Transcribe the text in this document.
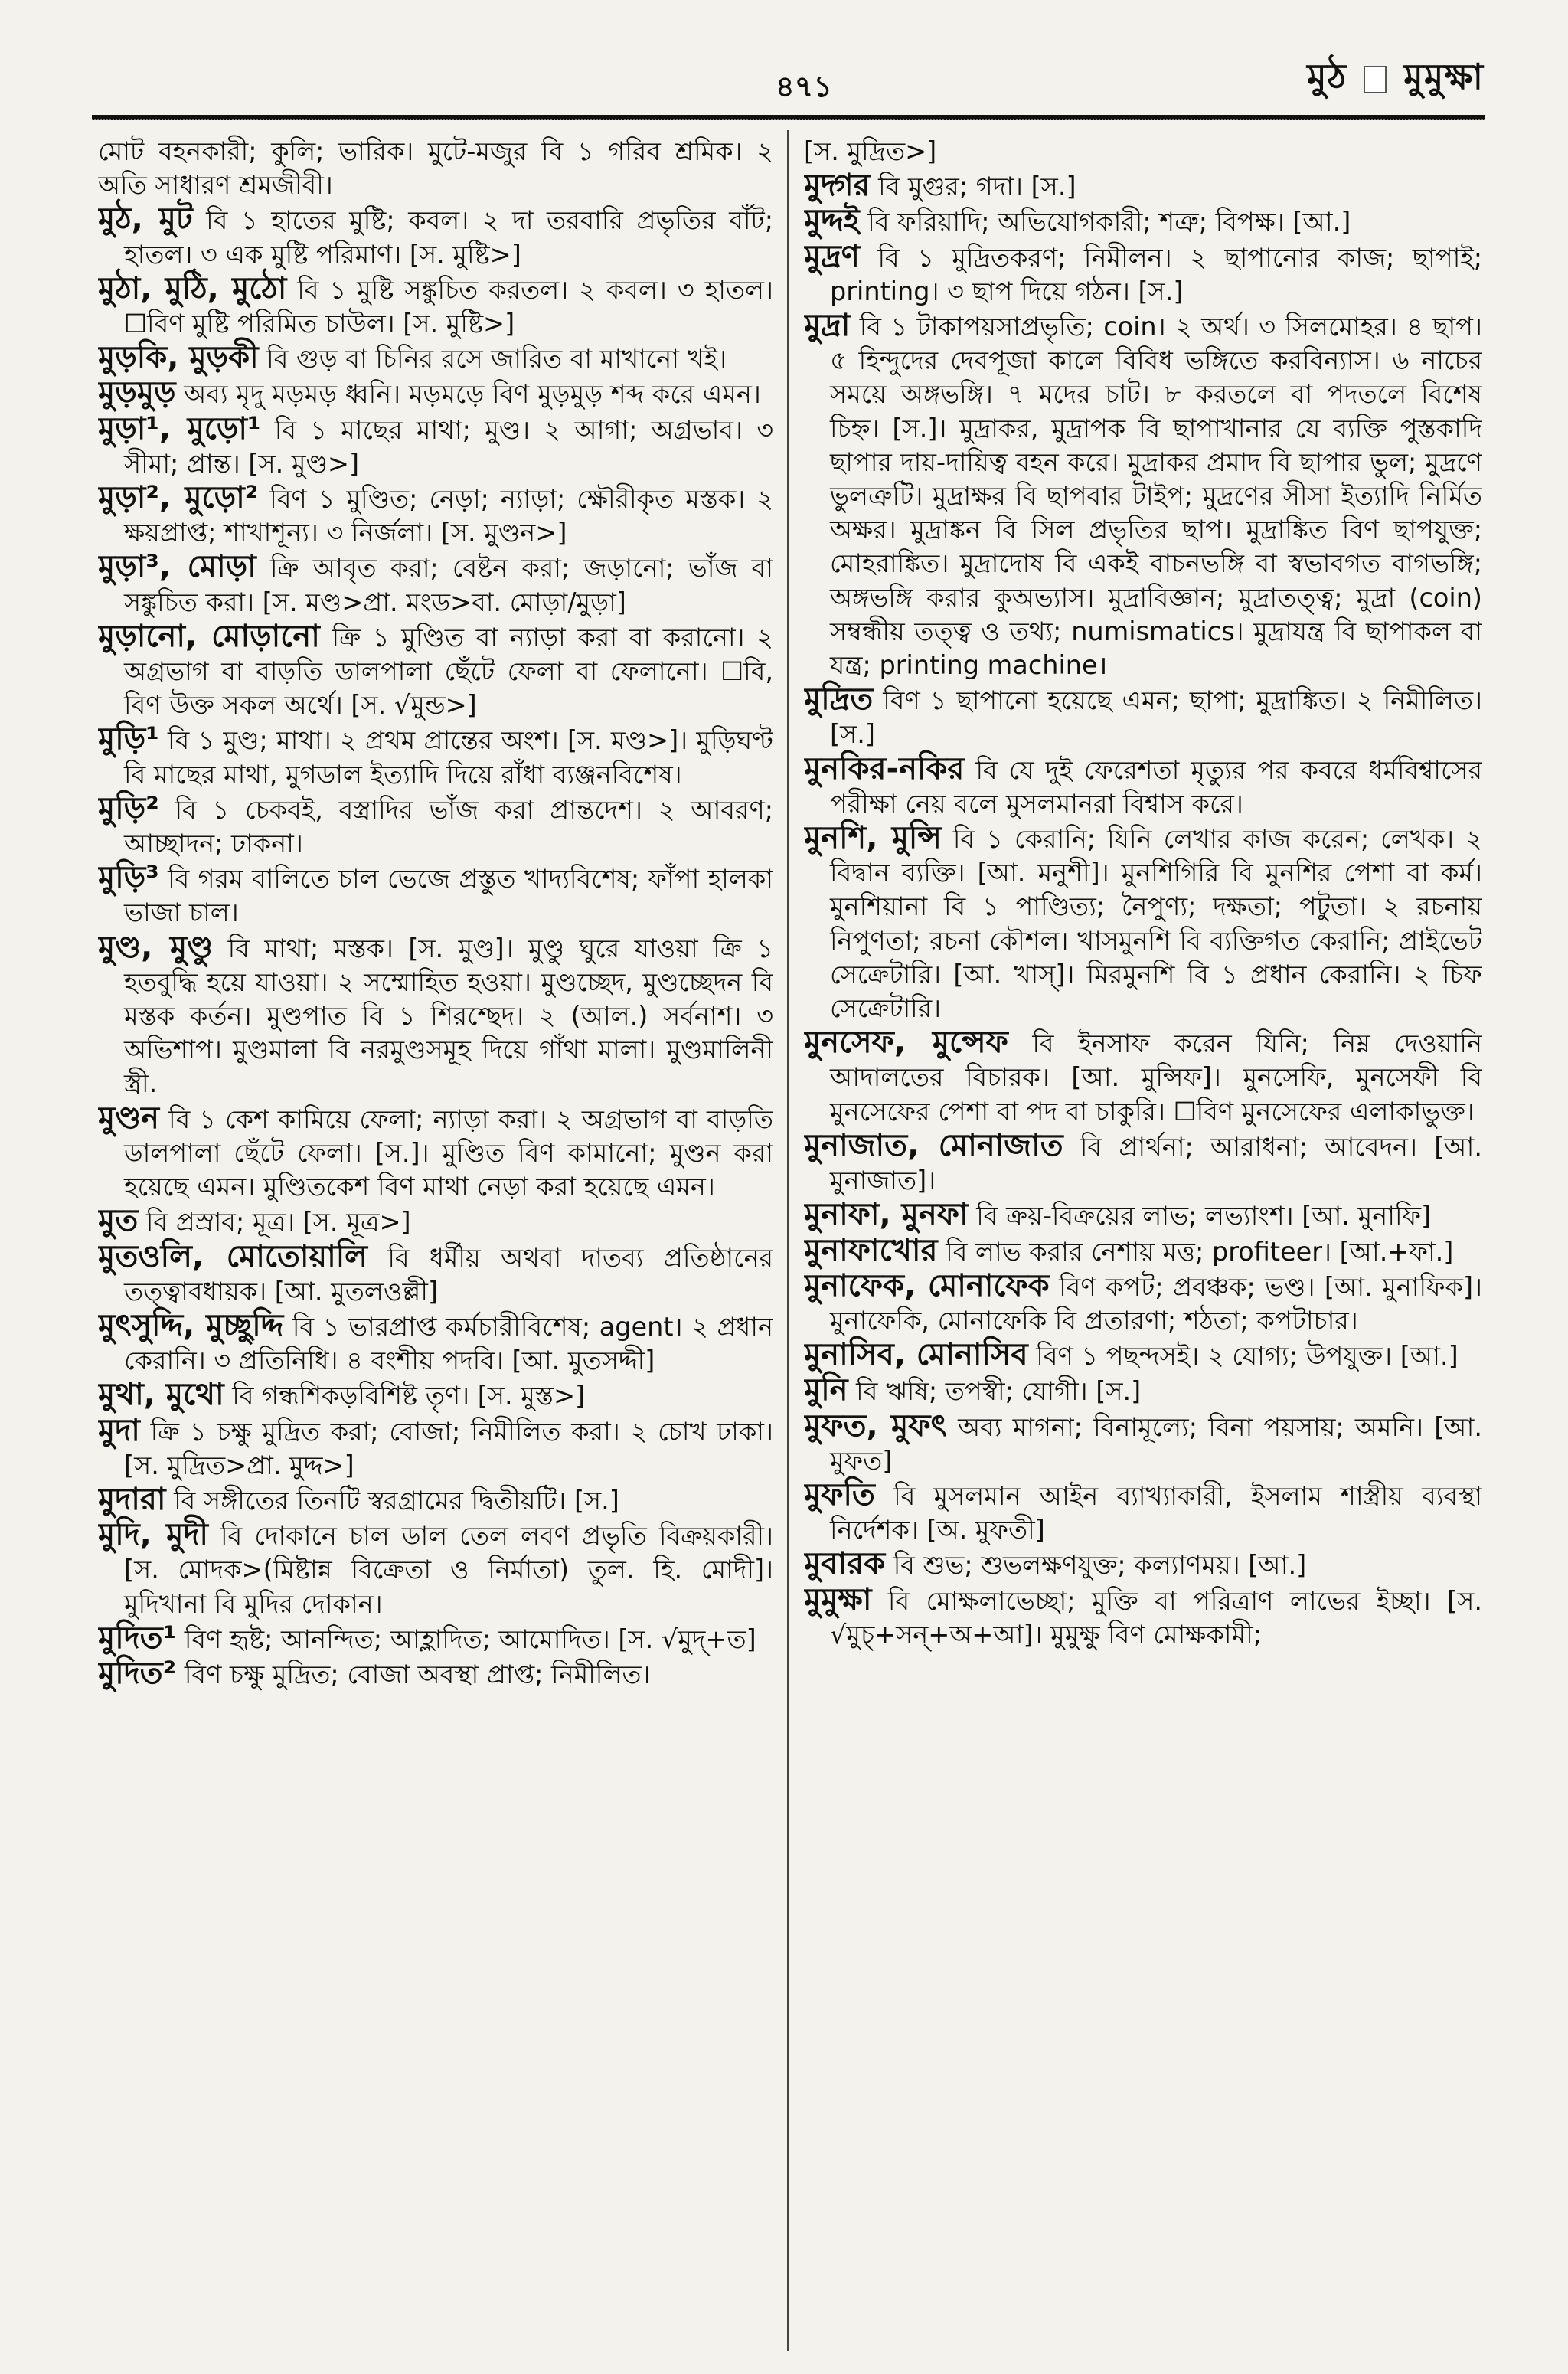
৪৭১	মুঠ মুমুক্ষা

মোট বহনকারী; কুলি; ভারিক। মুটে-মজুর বি ১ গরিব শ্রমিক। ২ অতি সাধারণ শ্রমজীবী।

মুঠ, মুট বি ১ হাতের মুষ্টি; কবল। ২ দা তরবারি প্রভৃতির বাঁট; হাতল। ৩ এক মুষ্টি পরিমাণ। [স. মুষ্টি>]

মুঠা, মুঠি, মুঠো বি ১ মুষ্টি সঙ্কুচিত করতল। ২ কবল। ৩ হাতল। ☐বিণ মুষ্টি পরিমিত চাউল। [স. মুষ্টি>]

মুড়কি, মুড়কী বি গুড় বা চিনির রসে জারিত বা মাখানো খই।

মুড়মুড় অব্য মৃদু মড়মড় ধ্বনি। মড়মড়ে বিণ মুড়মুড় শব্দ করে এমন।

মুড়া¹, মুড়ো¹ বি ১ মাছের মাথা; মুণ্ড। ২ আগা; অগ্রভাব। ৩ সীমা; প্রান্ত। [স. মুণ্ড>]

মুড়া², মুড়ো² বিণ ১ মুণ্ডিত; নেড়া; ন্যাড়া; ক্ষৌরীকৃত মস্তক। ২ ক্ষয়প্রাপ্ত; শাখাশূন্য। ৩ নির্জলা। [স. মুণ্ডন>]

মুড়া³, মোড়া ক্রি আবৃত করা; বেষ্টন করা; জড়ানো; ভাঁজ বা সঙ্কুচিত করা। [স. মণ্ড>প্রা. মংড>বা. মোড়া/মুড়া]

মুড়ানো, মোড়ানো ক্রি ১ মুণ্ডিত বা ন্যাড়া করা বা করানো। ২ অগ্রভাগ বা বাড়তি ডালপালা ছেঁটে ফেলা বা ফেলানো। ☐বি, বিণ উক্ত সকল অর্থে। [স. √মুন্ড>]

মুড়ি¹ বি ১ মুণ্ড; মাথা। ২ প্রথম প্রান্তের অংশ। [স. মণ্ড>]। মুড়িঘণ্ট বি মাছের মাথা, মুগডাল ইত্যাদি দিয়ে রাঁধা ব্যঞ্জনবিশেষ।

মুড়ি² বি ১ চেকবই, বস্ত্রাদির ভাঁজ করা প্রান্তদেশ। ২ আবরণ; আচ্ছাদন; ঢাকনা।

মুড়ি³ বি গরম বালিতে চাল ভেজে প্রস্তুত খাদ্যবিশেষ; ফাঁপা হালকা ভাজা চাল।

মুণ্ড, মুণ্ডু বি মাথা; মস্তক। [স. মুণ্ড]। মুণ্ডু ঘুরে যাওয়া ক্রি ১ হতবুদ্ধি হয়ে যাওয়া। ২ সম্মোহিত হওয়া। মুণ্ডচ্ছেদ, মুণ্ডচ্ছেদন বি মস্তক কর্তন। মুণ্ডপাত বি ১ শিরশ্ছেদ। ২ (আল.) সর্বনাশ। ৩ অভিশাপ। মুণ্ডমালা বি নরমুণ্ডসমূহ দিয়ে গাঁথা মালা। মুণ্ডমালিনী স্ত্রী.

মুণ্ডন বি ১ কেশ কামিয়ে ফেলা; ন্যাড়া করা। ২ অগ্রভাগ বা বাড়তি ডালপালা ছেঁটে ফেলা। [স.]। মুণ্ডিত বিণ কামানো; মুণ্ডন করা হয়েছে এমন। মুণ্ডিতকেশ বিণ মাথা নেড়া করা হয়েছে এমন।

মুত বি প্রস্রাব; মূত্র। [স. মূত্র>]

মুতওলি, মোতোয়ালি বি ধর্মীয় অথবা দাতব্য প্রতিষ্ঠানের তত্ত্বাবধায়ক। [আ. মুতলওল্লী]

মুৎসুদ্দি, মুচ্ছুদ্দি বি ১ ভারপ্রাপ্ত কর্মচারীবিশেষ; agent। ২ প্রধান কেরানি। ৩ প্রতিনিধি। ৪ বংশীয় পদবি। [আ. মুতসদ্দী]

মুথা, মুথো বি গন্ধশিকড়বিশিষ্ট তৃণ। [স. মুস্ত>]

মুদা ক্রি ১ চক্ষু মুদ্রিত করা; বোজা; নিমীলিত করা। ২ চোখ ঢাকা। [স. মুদ্রিত>প্রা. মুদ্দ>]

মুদারা বি সঙ্গীতের তিনটি স্বরগ্রামের দ্বিতীয়টি। [স.]

মুদি, মুদী বি দোকানে চাল ডাল তেল লবণ প্রভৃতি বিক্রয়কারী। [স. মোদক>(মিষ্টান্ন বিক্রেতা ও নির্মাতা) তুল. হি. মোদী]। মুদিখানা বি মুদির দোকান।

মুদিত¹ বিণ হৃষ্ট; আনন্দিত; আহ্লাদিত; আমোদিত। [স. √মুদ্+ত]

মুদিত² বিণ চক্ষু মুদ্রিত; বোজা অবস্থা প্রাপ্ত; নিমীলিত।

[স. মুদ্রিত>]

মুদ্গর বি মুগুর; গদা। [স.]

মুদ্দই বি ফরিয়াদি; অভিযোগকারী; শত্রু; বিপক্ষ। [আ.]

মুদ্রণ বি ১ মুদ্রিতকরণ; নিমীলন। ২ ছাপানোর কাজ; ছাপাই; printing। ৩ ছাপ দিয়ে গঠন। [স.]

মুদ্রা বি ১ টাকাপয়সাপ্রভৃতি; coin। ২ অর্থ। ৩ সিলমোহর। ৪ ছাপ। ৫ হিন্দুদের দেবপূজা কালে বিবিধ ভঙ্গিতে করবিন্যাস। ৬ নাচের সময়ে অঙ্গভঙ্গি। ৭ মদের চাট। ৮ করতলে বা পদতলে বিশেষ চিহ্ন। [স.]। মুদ্রাকর, মুদ্রাপক বি ছাপাখানার যে ব্যক্তি পুস্তকাদি ছাপার দায়-দায়িত্ব বহন করে। মুদ্রাকর প্রমাদ বি ছাপার ভুল; মুদ্রণে ভুলত্রুটি। মুদ্রাক্ষর বি ছাপবার টাইপ; মুদ্রণের সীসা ইত্যাদি নির্মিত অক্ষর। মুদ্রাঙ্কন বি সিল প্রভৃতির ছাপ। মুদ্রাঙ্কিত বিণ ছাপযুক্ত; মোহরাঙ্কিত। মুদ্রাদোষ বি একই বাচনভঙ্গি বা স্বভাবগত বাগভঙ্গি; অঙ্গভঙ্গি করার কুঅভ্যাস। মুদ্রাবিজ্ঞান; মুদ্রাতত্ত্ব; মুদ্রা (coin) সম্বন্ধীয় তত্ত্ব ও তথ্য; numismatics। মুদ্রাযন্ত্র বি ছাপাকল বা যন্ত্র; printing machine।

মুদ্রিত বিণ ১ ছাপানো হয়েছে এমন; ছাপা; মুদ্রাঙ্কিত। ২ নিমীলিত। [স.]

মুনকির-নকির বি যে দুই ফেরেশতা মৃত্যুর পর কবরে ধর্মবিশ্বাসের পরীক্ষা নেয় বলে মুসলমানরা বিশ্বাস করে।

মুনশি, মুন্সি বি ১ কেরানি; যিনি লেখার কাজ করেন; লেখক। ২ বিদ্বান ব্যক্তি। [আ. মনুশী]। মুনশিগিরি বি মুনশির পেশা বা কর্ম। মুনশিয়ানা বি ১ পাণ্ডিত্য; নৈপুণ্য; দক্ষতা; পটুতা। ২ রচনায় নিপুণতা; রচনা কৌশল। খাসমুনশি বি ব্যক্তিগত কেরানি; প্রাইভেট সেক্রেটারি। [আ. খাস্]। মিরমুনশি বি ১ প্রধান কেরানি। ২ চিফ সেক্রেটারি।

মুনসেফ, মুন্সেফ বি ইনসাফ করেন যিনি; নিম্ন দেওয়ানি আদালতের বিচারক। [আ. মুন্সিফ]। মুনসেফি, মুনসেফী বি মুনসেফের পেশা বা পদ বা চাকুরি। ☐বিণ মুনসেফের এলাকাভুক্ত।

মুনাজাত, মোনাজাত বি প্রার্থনা; আরাধনা; আবেদন। [আ. মুনাজাত]।

মুনাফা, মুনফা বি ক্রয়-বিক্রয়ের লাভ; লভ্যাংশ। [আ. মুনাফি]

মুনাফাখোর বি লাভ করার নেশায় মত্ত; profiteer। [আ.+ফা.]

মুনাফেক, মোনাফেক বিণ কপট; প্রবঞ্চক; ভণ্ড। [আ. মুনাফিক]। মুনাফেকি, মোনাফেকি বি প্রতারণা; শঠতা; কপটাচার।

মুনাসিব, মোনাসিব বিণ ১ পছন্দসই। ২ যোগ্য; উপযুক্ত। [আ.]

মুনি বি ঋষি; তপস্বী; যোগী। [স.]

মুফত, মুফৎ অব্য মাগনা; বিনামূল্যে; বিনা পয়সায়; অমনি। [আ. মুফত]

মুফতি বি মুসলমান আইন ব্যাখ্যাকারী, ইসলাম শাস্ত্রীয় ব্যবস্থা নির্দেশক। [অ. মুফতী]

মুবারক বি শুভ; শুভলক্ষণযুক্ত; কল্যাণময়। [আ.]

মুমুক্ষা বি মোক্ষলাভেচ্ছা; মুক্তি বা পরিত্রাণ লাভের ইচ্ছা। [স. √মুচ্+সন্+অ+আ]। মুমুক্ষু বিণ মোক্ষকামী;
